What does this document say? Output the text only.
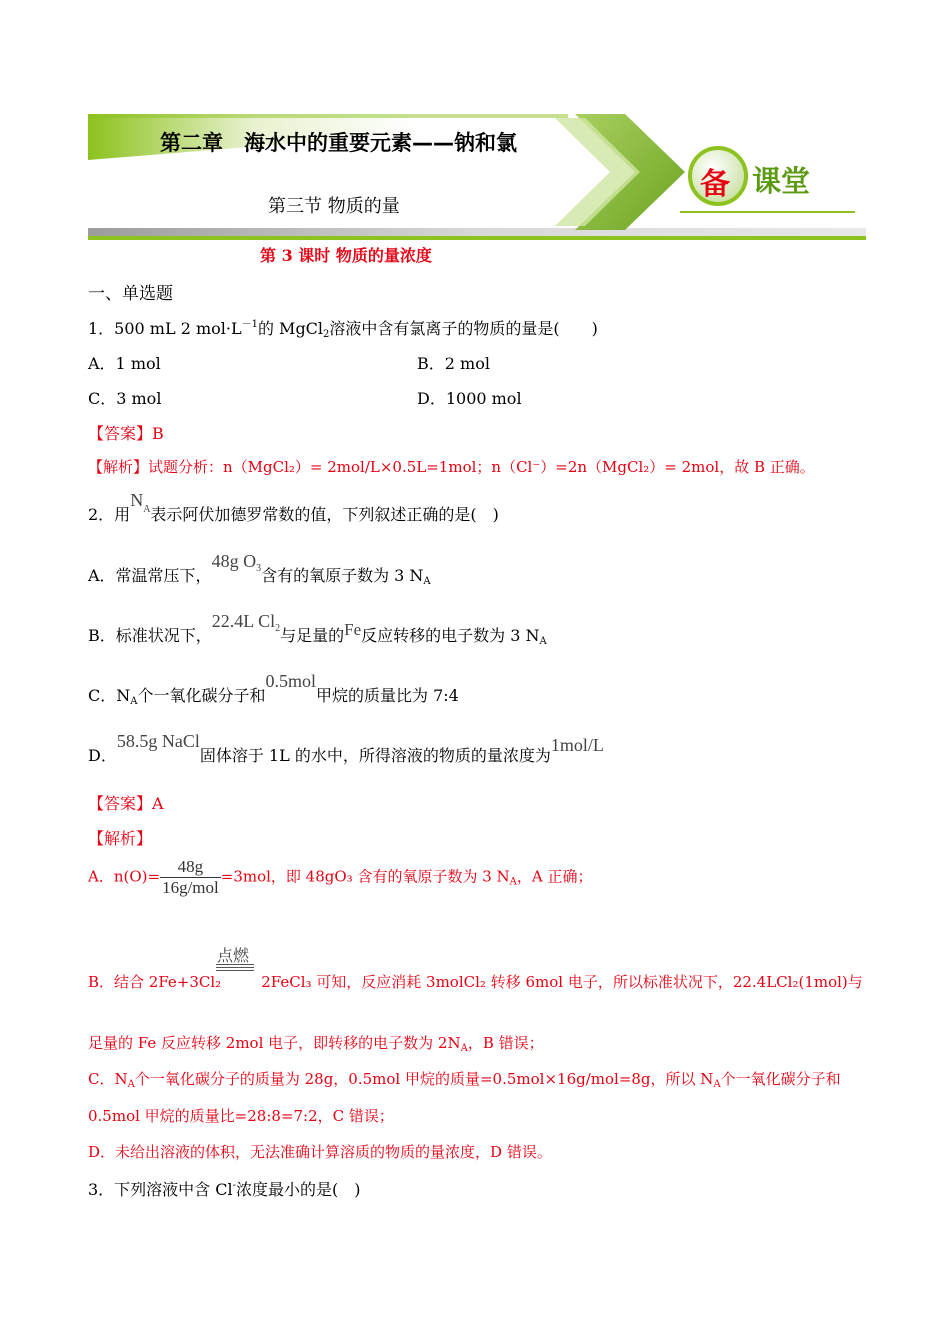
第二章　海水中的重要元素——钠和氯
第三节 物质的量
备 课堂
第 3 课时 物质的量浓度
一、单选题
1．500 mL 2 $mol\cdot L^{-1}$的 MgCl$_2$溶液中含有氯离子的物质的量是(　　)
A．1 mol	B．2 mol
C．3 mol	D．1000 mol
【答案】B
【解析】试题分析：n（MgCl₂）= 2mol/L×0.5L=1mol；n（Cl⁻）=2n（MgCl₂）= 2mol，故 B 正确。
2．用$N^A$表示阿伏加德罗常数的值，下列叙述正确的是(　)
A．常温常压下，48g $O^3$含有的氧原子数为 3 $N_A$
B．标准状况下，22.4L Cl$^2$与足量的Fe反应转移的电子数为 3 $N_A$
C．$N_A$个一氧化碳分子和0.5mol甲烷的质量比为 7:4
D．58.5g NaCl固体溶于 1L 的水中，所得溶液的物质的量浓度为1mol/L
【答案】A
【解析】
A．$n(O)= \frac{48g}{\text{16g/mol}} =3mol$，即 48gO₃ 含有的氧原子数为 3 $N_A$，A 正确；
点燃
B．结合 2Fe+3Cl₂	2FeCl₃ 可知，反应消耗 3molCl₂ 转移 6mol 电子，所以标准状况下，22.4LCl₂(1mol)与
足量的 Fe 反应转移 2mol 电子，即转移的电子数为 $2N_A$，B 错误；
C．$N_A$个一氧化碳分子的质量为 28g，0.5mol 甲烷的质量=0.5mol×16g/mol=8g，所以 $N_A$个一氧化碳分子和
0.5mol 甲烷的质量比=28:8=7:2，C 错误；
D．未给出溶液的体积，无法准确计算溶质的物质的量浓度，D 错误。
3．下列溶液中含 Cl-浓度最小的是(　)
